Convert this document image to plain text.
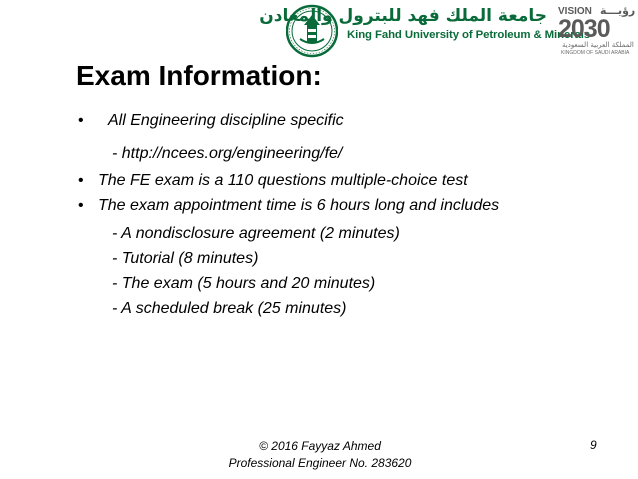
جامعة الملك فهد للبترول والمعادن
King Fahd University of Petroleum & Minerals
VISION رؤيـــة
2030
المملكة العربية السعودية
KINGDOM OF SAUDI ARABIA
Exam Information:
• All Engineering discipline specific
- http://ncees.org/engineering/fe/
• The FE exam is a 110 questions multiple-choice test
• The exam appointment time is 6 hours long and includes
- A nondisclosure agreement (2 minutes)
- Tutorial (8 minutes)
- The exam (5 hours and 20 minutes)
- A scheduled break (25 minutes)
© 2016 Fayyaz Ahmed
Professional Engineer No. 283620
9
